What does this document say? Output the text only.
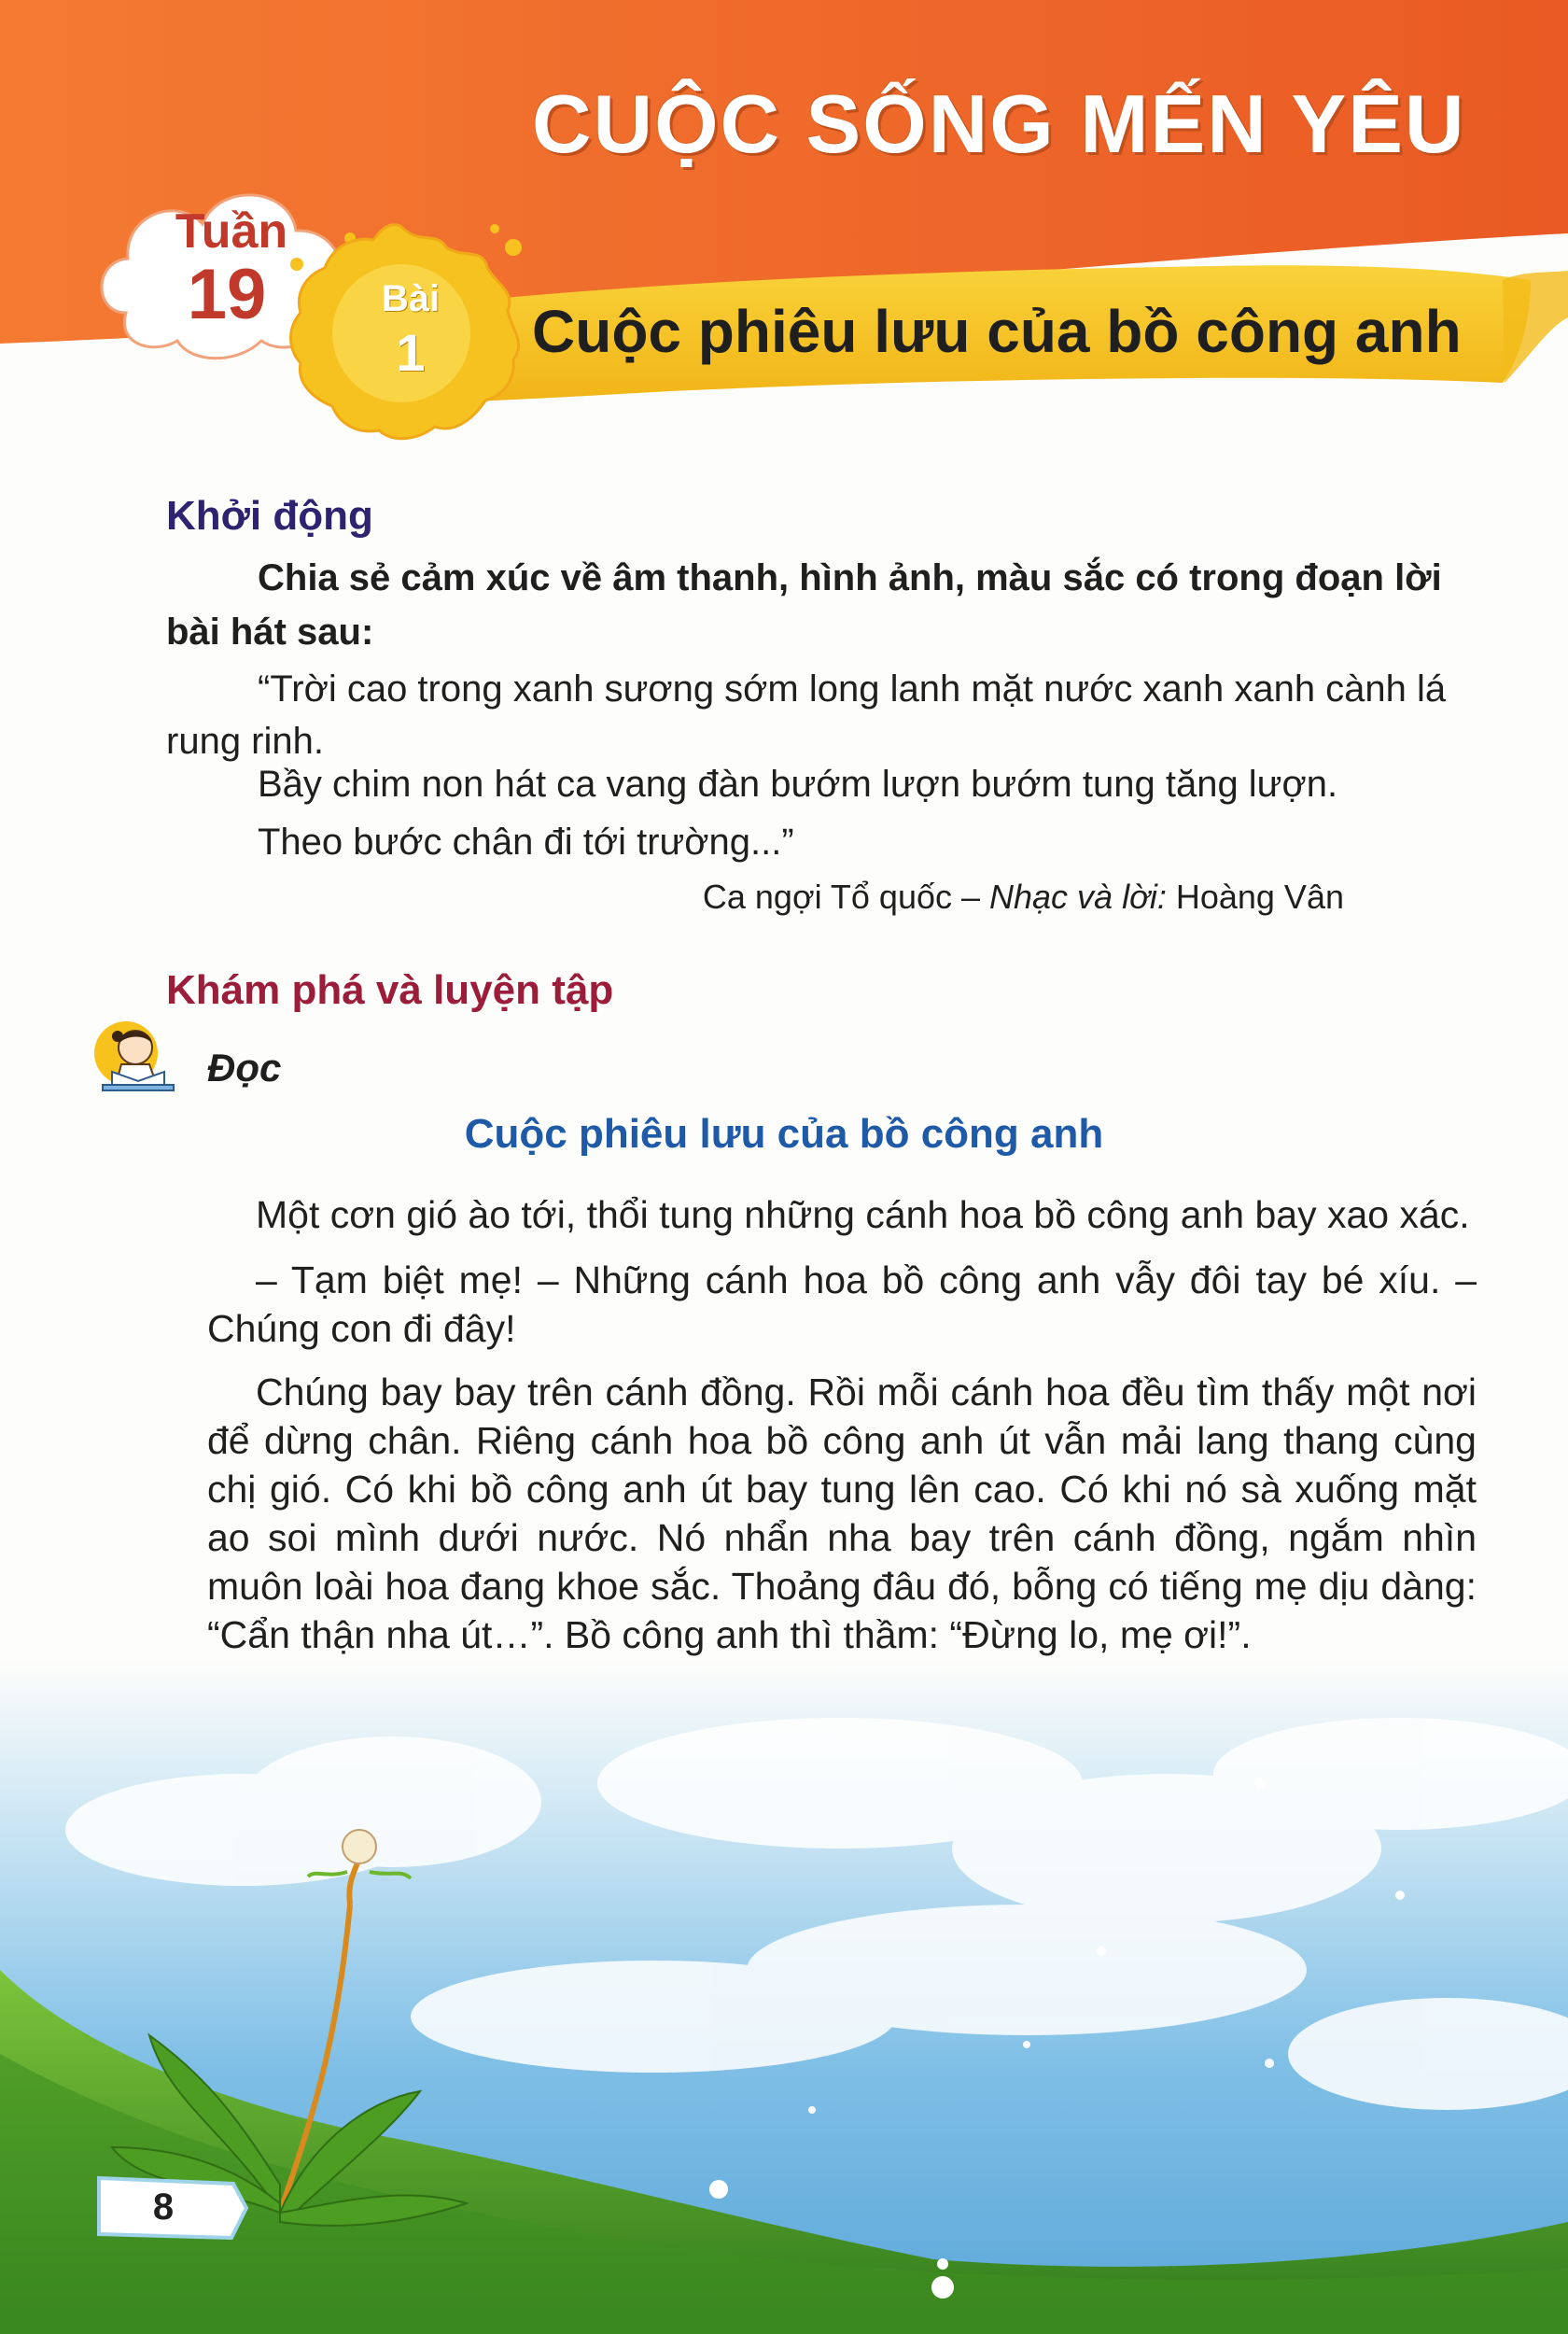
CUỘC SỐNG MẾN YÊU
Tuần
19	Bài
1	Cuộc phiêu lưu của bồ công anh
Khởi động
Chia sẻ cảm xúc về âm thanh, hình ảnh, màu sắc có trong đoạn lời bài hát sau:
“Trời cao trong xanh sương sớm long lanh mặt nước xanh xanh cành lá rung rinh.
Bầy chim non hát ca vang đàn bướm lượn bướm tung tăng lượn.
Theo bước chân đi tới trường...”
Ca ngợi Tổ quốc – Nhạc và lời: Hoàng Vân
Khám phá và luyện tập
Đọc
Cuộc phiêu lưu của bồ công anh
Một cơn gió ào tới, thổi tung những cánh hoa bồ công anh bay xao xác.
– Tạm biệt mẹ! – Những cánh hoa bồ công anh vẫy đôi tay bé xíu. – Chúng con đi đây!
Chúng bay bay trên cánh đồng. Rồi mỗi cánh hoa đều tìm thấy một nơi để dừng chân. Riêng cánh hoa bồ công anh út vẫn mải lang thang cùng chị gió. Có khi bồ công anh út bay tung lên cao. Có khi nó sà xuống mặt ao soi mình dưới nước. Nó nhẩn nha bay trên cánh đồng, ngắm nhìn muôn loài hoa đang khoe sắc. Thoảng đâu đó, bỗng có tiếng mẹ dịu dàng: “Cẩn thận nha út…”. Bồ công anh thì thầm: “Đừng lo, mẹ ơi!”.
8
